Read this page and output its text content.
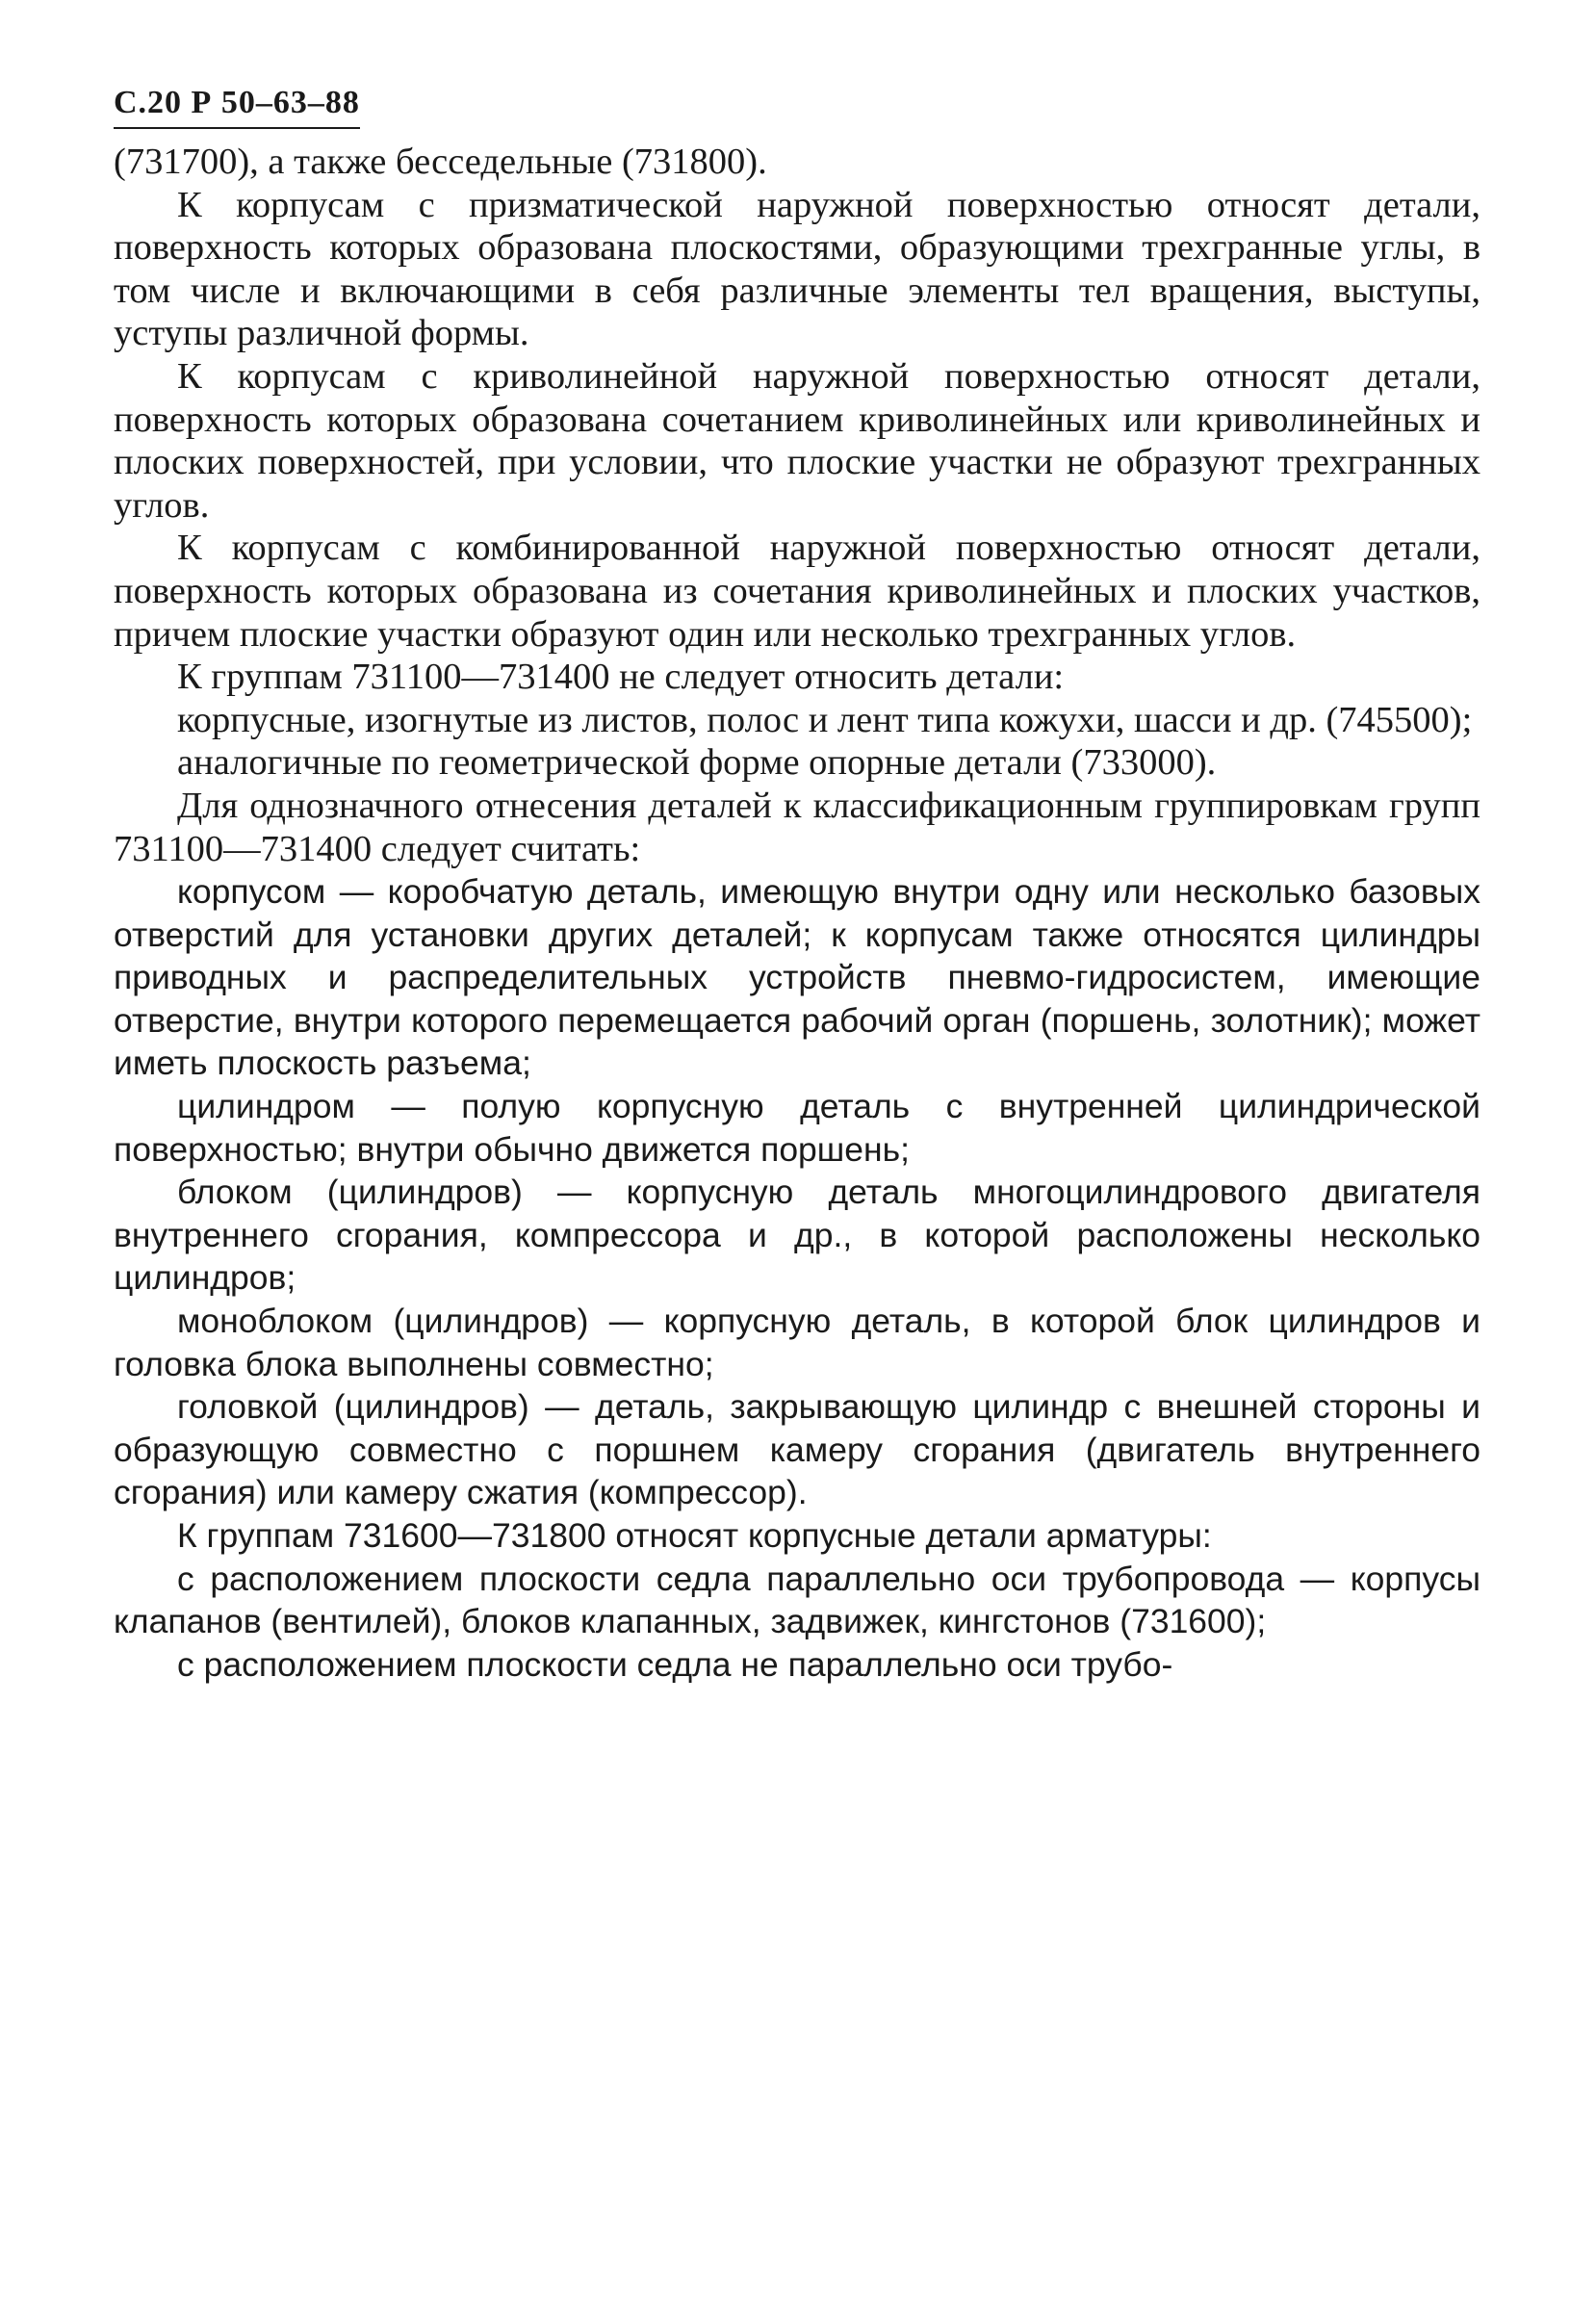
С.20 Р 50–63–88

(731700), а также бесседельные (731800).

К корпусам с призматической наружной поверхностью относят детали, поверхность которых образована плоскостями, образующими трехгранные углы, в том числе и включающими в себя различные элементы тел вращения, выступы, уступы различной формы.

К корпусам с криволинейной наружной поверхностью относят детали, поверхность которых образована сочетанием криволинейных или криволинейных и плоских поверхностей, при условии, что плоские участки не образуют трехгранных углов.

К корпусам с комбинированной наружной поверхностью относят детали, поверхность которых образована из сочетания криволинейных и плоских участков, причем плоские участки образуют один или несколько трехгранных углов.

К группам 731100—731400 не следует относить детали:

корпусные, изогнутые из листов, полос и лент типа кожухи, шасси и др. (745500);

аналогичные по геометрической форме опорные детали (733000).

Для однозначного отнесения деталей к классификационным группировкам групп 731100—731400 следует считать:

корпусом — коробчатую деталь, имеющую внутри одну или несколько базовых отверстий для установки других деталей; к корпусам также относятся цилиндры приводных и распределительных устройств пневмо-гидросистем, имеющие отверстие, внутри которого перемещается рабочий орган (поршень, золотник); может иметь плоскость разъема;

цилиндром — полую корпусную деталь с внутренней цилиндрической поверхностью; внутри обычно движется поршень;

блоком (цилиндров) — корпусную деталь многоцилиндрового двигателя внутреннего сгорания, компрессора и др., в которой расположены несколько цилиндров;

моноблоком (цилиндров) — корпусную деталь, в которой блок цилиндров и головка блока выполнены совместно;

головкой (цилиндров) — деталь, закрывающую цилиндр с внешней стороны и образующую совместно с поршнем камеру сгорания (двигатель внутреннего сгорания) или камеру сжатия (компрессор).

К группам 731600—731800 относят корпусные детали арматуры:

с расположением плоскости седла параллельно оси трубопровода — корпусы клапанов (вентилей), блоков клапанных, задвижек, кингстонов (731600);

с расположением плоскости седла не параллельно оси трубо-
